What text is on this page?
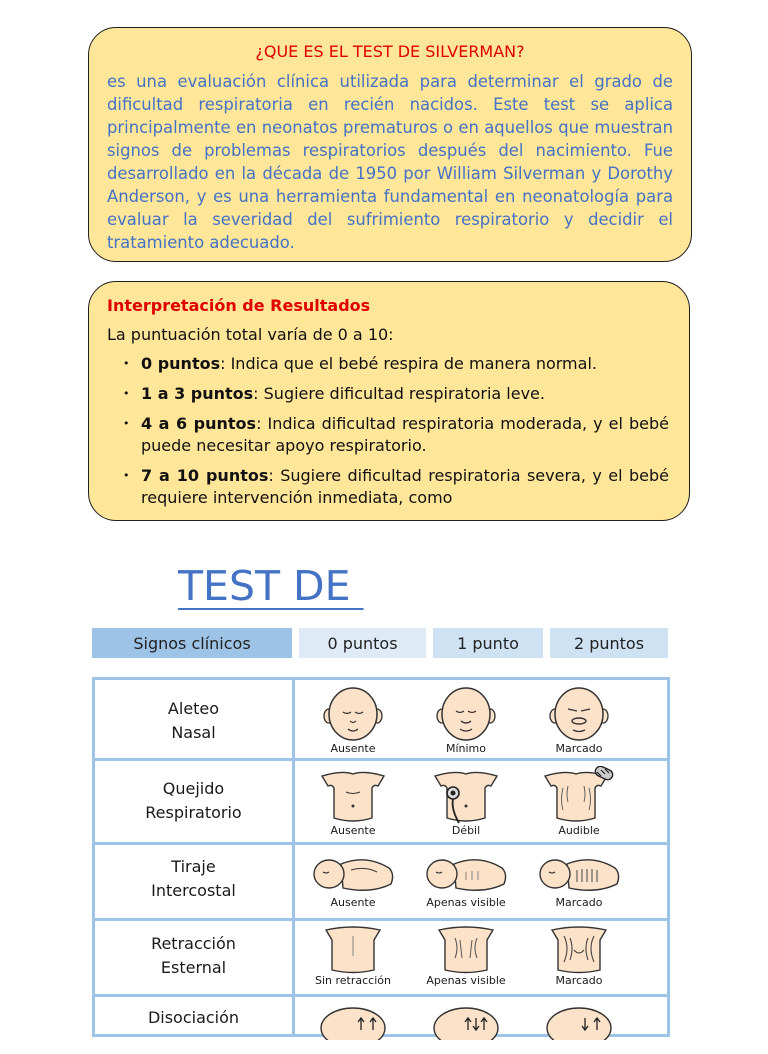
¿QUE ES EL TEST DE SILVERMAN?

es una evaluación clínica utilizada para determinar el grado de dificultad respiratoria en recién nacidos. Este test se aplica principalmente en neonatos prematuros o en aquellos que muestran signos de problemas respiratorios después del nacimiento. Fue desarrollado en la década de 1950 por William Silverman y Dorothy Anderson, y es una herramienta fundamental en neonatología para evaluar la severidad del sufrimiento respiratorio y decidir el tratamiento adecuado.

Interpretación de Resultados

La puntuación total varía de 0 a 10:

• 0 puntos: Indica que el bebé respira de manera normal.
• 1 a 3 puntos: Sugiere dificultad respiratoria leve.
• 4 a 6 puntos: Indica dificultad respiratoria moderada, y el bebé puede necesitar apoyo respiratorio.
• 7 a 10 puntos: Sugiere dificultad respiratoria severa, y el bebé requiere intervención inmediata, como

TEST DE

Signos clínicos	0 puntos	1 punto	2 puntos
Aleteo
Nasal
Ausente	Mínimo	Marcado
Quejido
Respiratorio
Ausente	Débil	Audible
Tiraje
Intercostal
Ausente	Apenas visible	Marcado
Retracción
Esternal
Sin retracción	Apenas visible	Marcado
Disociación
